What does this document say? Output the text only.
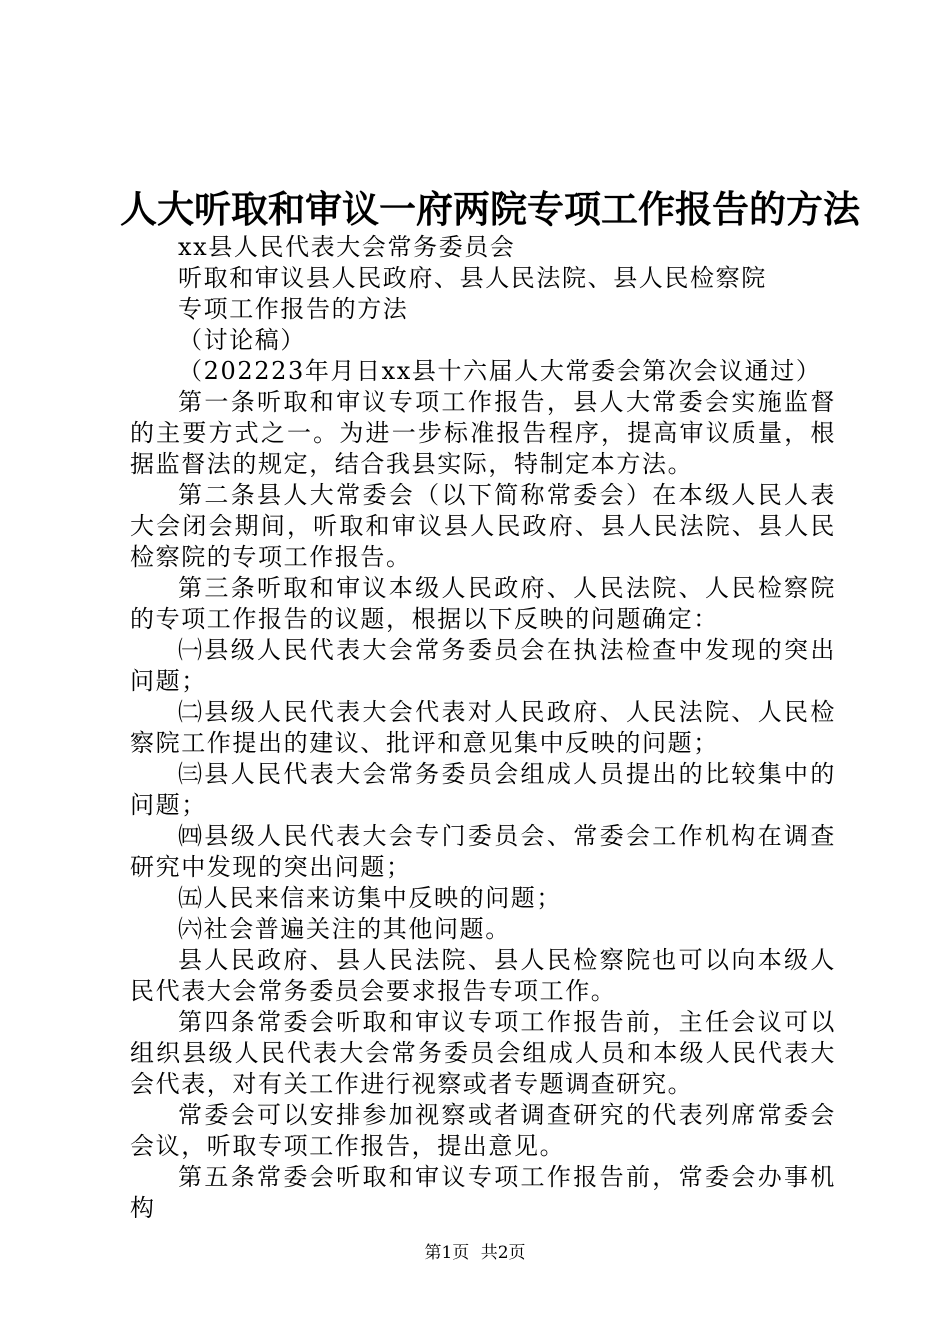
人大听取和审议一府两院专项工作报告的方法

xx县人民代表大会常务委员会

听取和审议县人民政府、县人民法院、县人民检察院

专项工作报告的方法

（讨论稿）

（202223年月日xx县十六届人大常委会第次会议通过）

第一条听取和审议专项工作报告，县人大常委会实施监督的主要方式之一。为进一步标准报告程序，提高审议质量，根据监督法的规定，结合我县实际，特制定本方法。

第二条县人大常委会（以下简称常委会）在本级人民人表大会闭会期间，听取和审议县人民政府、县人民法院、县人民检察院的专项工作报告。

第三条听取和审议本级人民政府、人民法院、人民检察院的专项工作报告的议题，根据以下反映的问题确定：

㈠县级人民代表大会常务委员会在执法检查中发现的突出问题；

㈡县级人民代表大会代表对人民政府、人民法院、人民检察院工作提出的建议、批评和意见集中反映的问题；

㈢县人民代表大会常务委员会组成人员提出的比较集中的问题；

㈣县级人民代表大会专门委员会、常委会工作机构在调查研究中发现的突出问题；

㈤人民来信来访集中反映的问题；

㈥社会普遍关注的其他问题。

县人民政府、县人民法院、县人民检察院也可以向本级人民代表大会常务委员会要求报告专项工作。

第四条常委会听取和审议专项工作报告前，主任会议可以组织县级人民代表大会常务委员会组成人员和本级人民代表大会代表，对有关工作进行视察或者专题调查研究。

常委会可以安排参加视察或者调查研究的代表列席常委会会议，听取专项工作报告，提出意见。

第五条常委会听取和审议专项工作报告前，常委会办事机构

第1页 共2页
